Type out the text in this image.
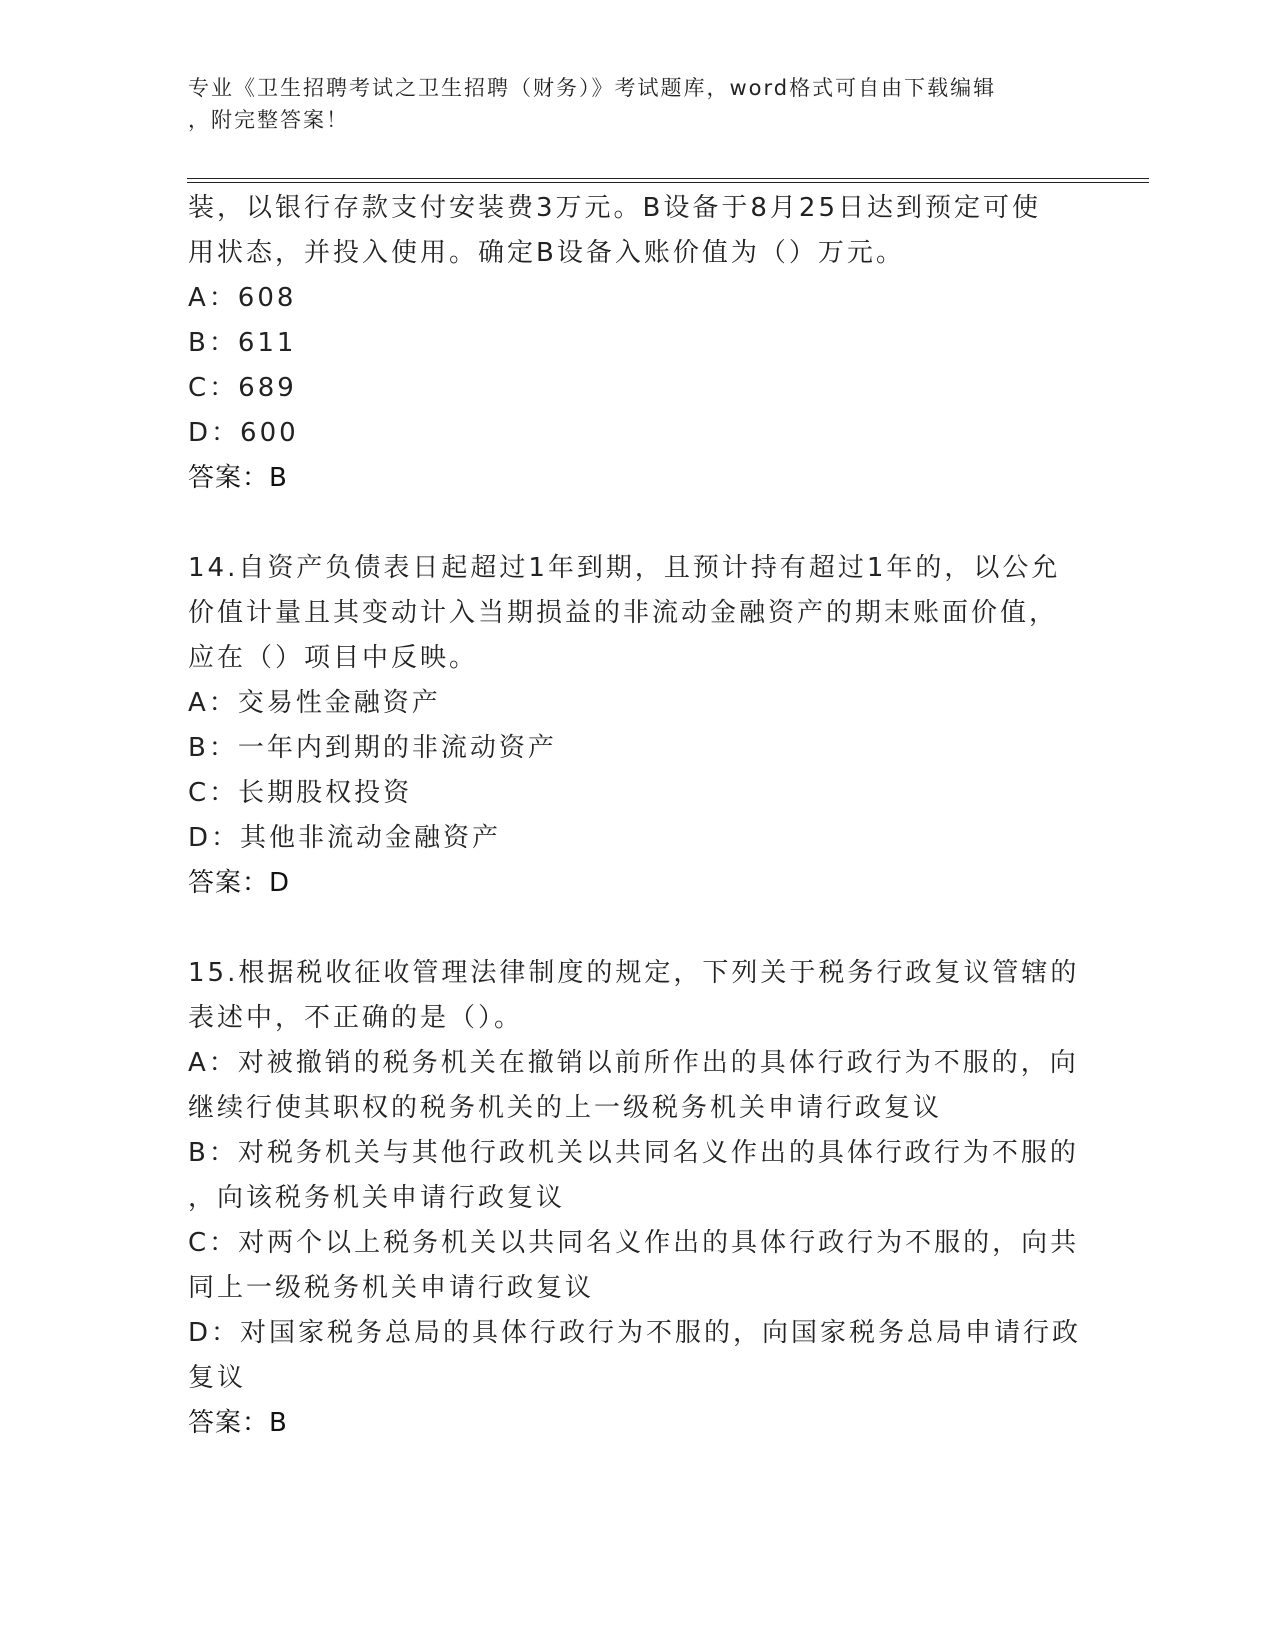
专业《卫生招聘考试之卫生招聘（财务）》考试题库，word格式可自由下载编辑
，附完整答案！
装，以银行存款支付安装费3万元。B设备于8月25日达到预定可使
用状态，并投入使用。确定B设备入账价值为（）万元。
A：608
B：611
C：689
D：600
答案：B
14.自资产负债表日起超过1年到期，且预计持有超过1年的，以公允
价值计量且其变动计入当期损益的非流动金融资产的期末账面价值，
应在（）项目中反映。
A：交易性金融资产
B：一年内到期的非流动资产
C：长期股权投资
D：其他非流动金融资产
答案：D
15.根据税收征收管理法律制度的规定，下列关于税务行政复议管辖的
表述中，不正确的是（）。
A：对被撤销的税务机关在撤销以前所作出的具体行政行为不服的，向
继续行使其职权的税务机关的上一级税务机关申请行政复议
B：对税务机关与其他行政机关以共同名义作出的具体行政行为不服的
，向该税务机关申请行政复议
C：对两个以上税务机关以共同名义作出的具体行政行为不服的，向共
同上一级税务机关申请行政复议
D：对国家税务总局的具体行政行为不服的，向国家税务总局申请行政
复议
答案：B
